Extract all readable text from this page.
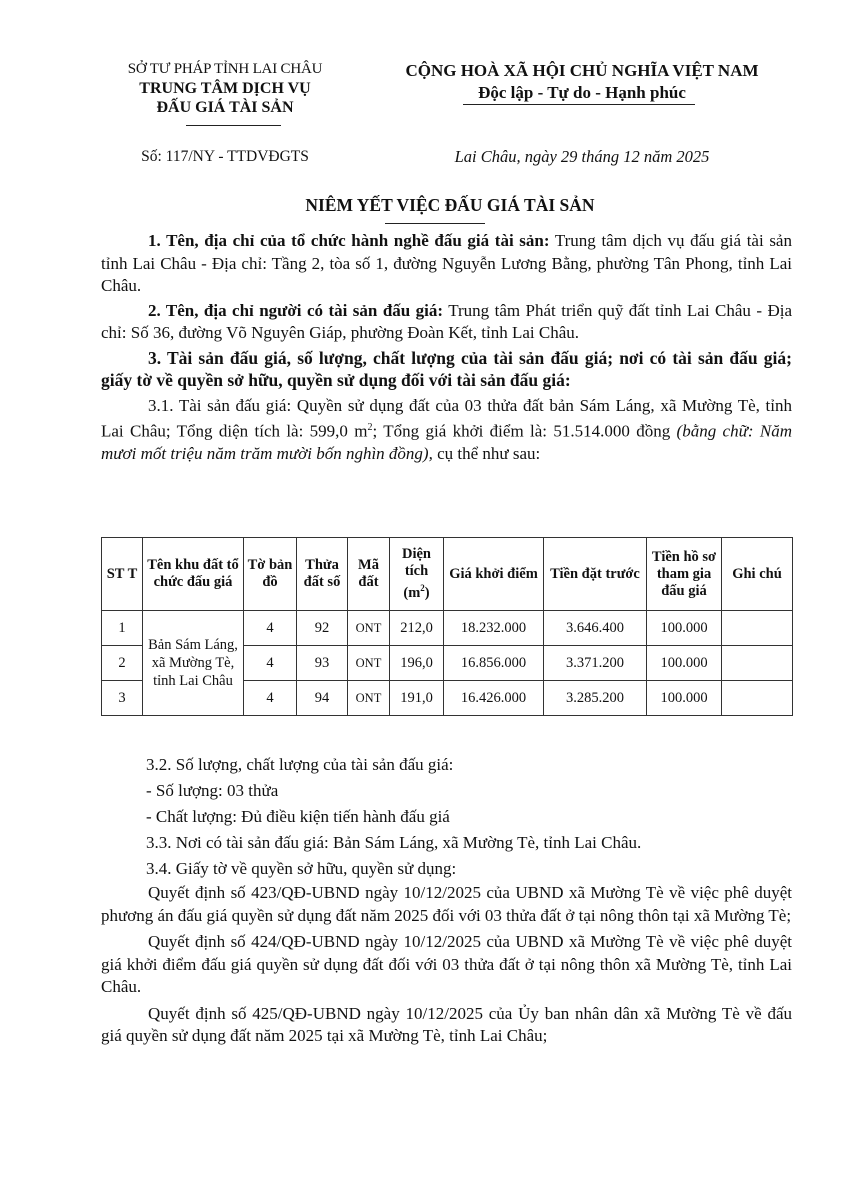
SỞ TƯ PHÁP TỈNH LAI CHÂU
TRUNG TÂM DỊCH VỤ
ĐẤU GIÁ TÀI SẢN
Số: 117/NY - TTDVĐGTS
CỘNG HOÀ XÃ HỘI CHỦ NGHĨA VIỆT NAM
Độc lập - Tự do - Hạnh phúc
Lai Châu, ngày 29 tháng 12 năm 2025
NIÊM YẾT VIỆC ĐẤU GIÁ TÀI SẢN

1. Tên, địa chỉ của tổ chức hành nghề đấu giá tài sản: Trung tâm dịch vụ đấu giá tài sản tỉnh Lai Châu - Địa chỉ: Tầng 2, tòa số 1, đường Nguyễn Lương Bằng, phường Tân Phong, tỉnh Lai Châu.

2. Tên, địa chỉ người có tài sản đấu giá: Trung tâm Phát triển quỹ đất tỉnh Lai Châu - Địa chỉ: Số 36, đường Võ Nguyên Giáp, phường Đoàn Kết, tỉnh Lai Châu.

3. Tài sản đấu giá, số lượng, chất lượng của tài sản đấu giá; nơi có tài sản đấu giá; giấy tờ về quyền sở hữu, quyền sử dụng đối với tài sản đấu giá:

3.1. Tài sản đấu giá: Quyền sử dụng đất của 03 thửa đất bản Sám Láng, xã Mường Tè, tỉnh Lai Châu; Tổng diện tích là: 599,0 $m^2$; Tổng giá khởi điểm là: 51.514.000 đồng (bằng chữ: Năm mươi mốt triệu năm trăm mười bốn nghìn đồng), cụ thể như sau:

ST T	Tên khu đất tổ chức đấu giá	Tờ bản đồ	Thửa đất số	Mã đất	Diện tích $(m^2)$	Giá khởi điểm	Tiền đặt trước	Tiền hồ sơ tham gia đấu giá	Ghi chú
1	Bản Sám Láng, xã Mường Tè, tỉnh Lai Châu	4	92	ONT	212,0	18.232.000	3.646.400	100.000	
2		4	93	ONT	196,0	16.856.000	3.371.200	100.000	
3		4	94	ONT	191,0	16.426.000	3.285.200	100.000	

3.2. Số lượng, chất lượng của tài sản đấu giá:

- Số lượng: 03 thửa

- Chất lượng: Đủ điều kiện tiến hành đấu giá

3.3. Nơi có tài sản đấu giá: Bản Sám Láng, xã Mường Tè, tỉnh Lai Châu.

3.4. Giấy tờ về quyền sở hữu, quyền sử dụng:

Quyết định số 423/QĐ-UBND ngày 10/12/2025 của UBND xã Mường Tè về việc phê duyệt phương án đấu giá quyền sử dụng đất năm 2025 đối với 03 thửa đất ở tại nông thôn tại xã Mường Tè;

Quyết định số 424/QĐ-UBND ngày 10/12/2025 của UBND xã Mường Tè về việc phê duyệt giá khởi điểm đấu giá quyền sử dụng đất đối với 03 thửa đất ở tại nông thôn xã Mường Tè, tỉnh Lai Châu.

Quyết định số 425/QĐ-UBND ngày 10/12/2025 của Ủy ban nhân dân xã Mường Tè về đấu giá quyền sử dụng đất năm 2025 tại xã Mường Tè, tỉnh Lai Châu;
